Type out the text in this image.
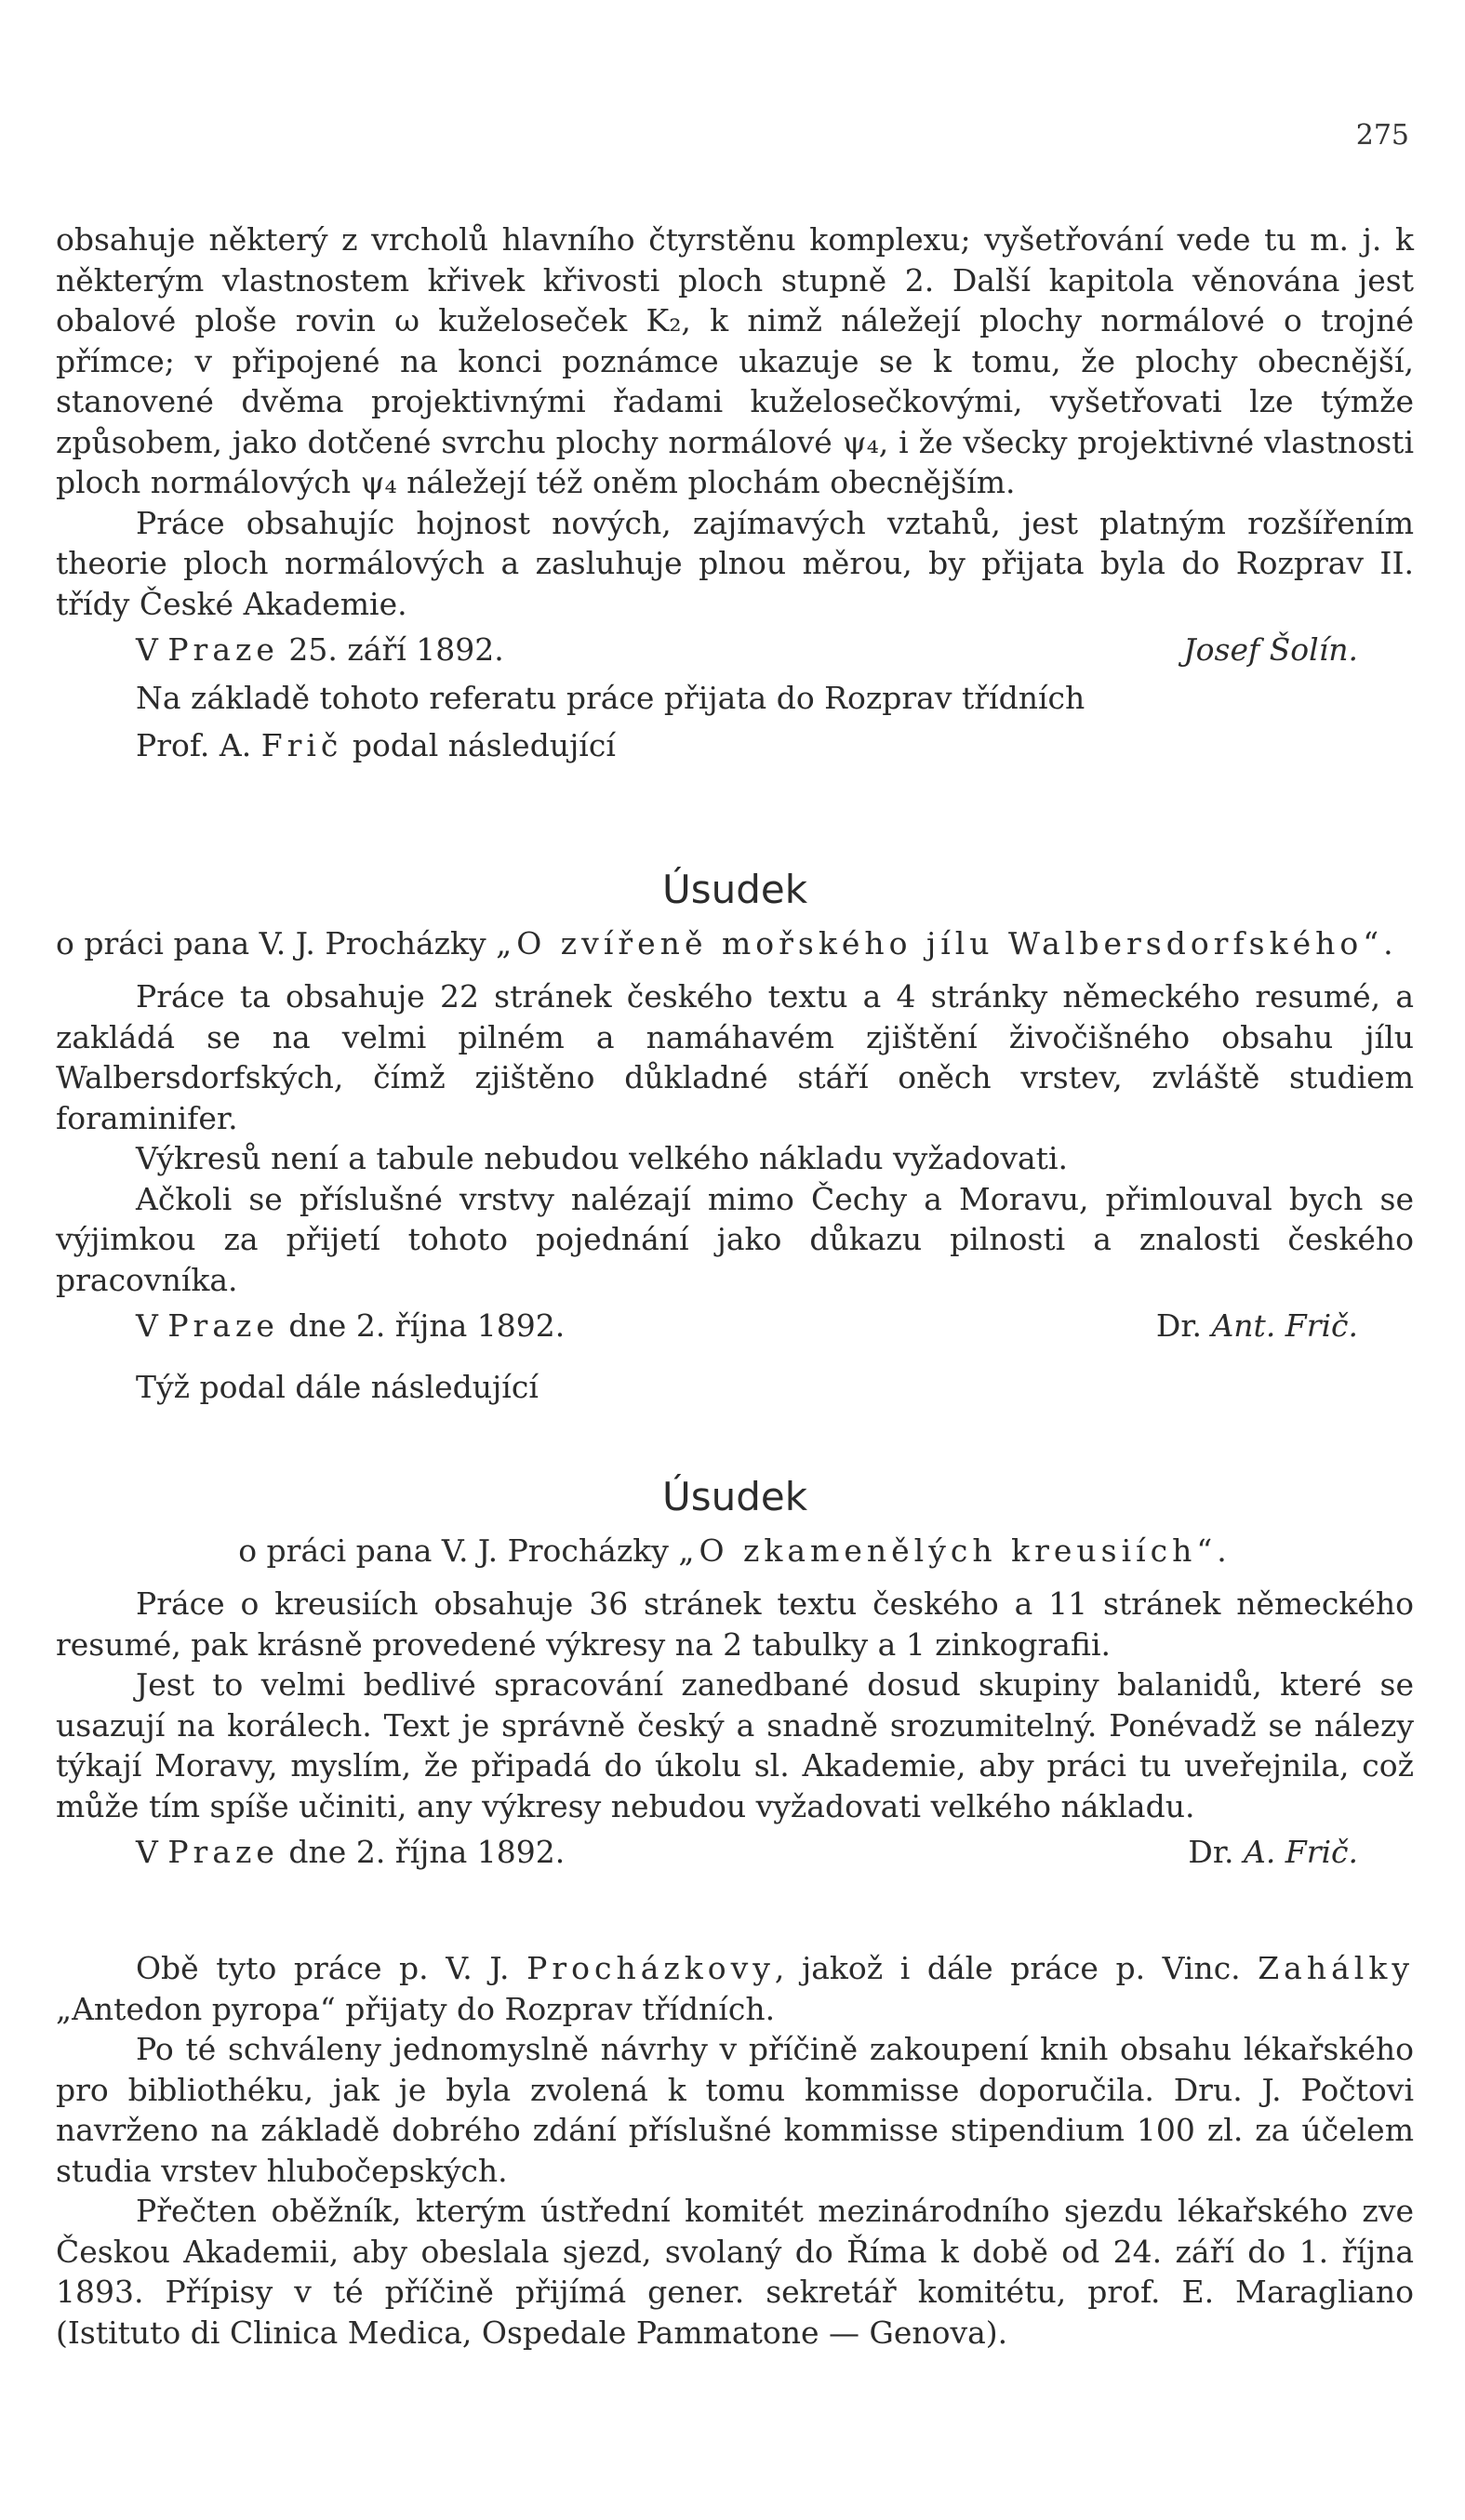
275

obsahuje některý z vrcholů hlavního čtyrstěnu komplexu; vyšetřování vede tu m. j. k některým vlastnostem křivek křivosti ploch stupně 2. Další kapitola věnována jest obalové ploše rovin ω kuželoseček K₂, k nimž náležejí plochy normálové o trojné přímce; v připojené na konci poznámce ukazuje se k tomu, že plochy obecnější, stanovené dvěma projektivnými řadami kuželosečkovými, vyšetřovati lze týmže způsobem, jako dotčené svrchu plochy normálové ψ₄, i že všecky projektivné vlastnosti ploch normálových ψ₄ náležejí též oněm plochám obecnějším.

Práce obsahujíc hojnost nových, zajímavých vztahů, jest platným rozšířením theorie ploch normálových a zasluhuje plnou měrou, by přijata byla do Rozprav II. třídy České Akademie.

V Praze 25. září 1892.	Josef Šolín.

Na základě tohoto referatu práce přijata do Rozprav třídních

Prof. A. Frič podal následující

Úsudek

o práci pana V. J. Procházky „O zvířeně mořského jílu Walbersdorfského“.

Práce ta obsahuje 22 stránek českého textu a 4 stránky německého resumé, a zakládá se na velmi pilném a namáhavém zjištění živočišného obsahu jílu Walbersdorfských, čímž zjištěno důkladné stáří oněch vrstev, zvláště studiem foraminifer.

Výkresů není a tabule nebudou velkého nákladu vyžadovati.

Ačkoli se příslušné vrstvy nalézají mimo Čechy a Moravu, přimlouval bych se výjimkou za přijetí tohoto pojednání jako důkazu pilnosti a znalosti českého pracovníka.

V Praze dne 2. října 1892.	Dr. Ant. Frič.

Týž podal dále následující

Úsudek

o práci pana V. J. Procházky „O zkamenělých kreusiích“.

Práce o kreusiích obsahuje 36 stránek textu českého a 11 stránek německého resumé, pak krásně provedené výkresy na 2 tabulky a 1 zinkografii.

Jest to velmi bedlivé spracování zanedbané dosud skupiny balanidů, které se usazují na korálech. Text je správně český a snadně srozumitelný. Ponévadž se nálezy týkají Moravy, myslím, že připadá do úkolu sl. Akademie, aby práci tu uveřejnila, což může tím spíše učiniti, any výkresy nebudou vyžadovati velkého nákladu.

V Praze dne 2. října 1892.	Dr. A. Frič.

Obě tyto práce p. V. J. Procházkovy, jakož i dále práce p. Vinc. Zahálky „Antedon pyropa“ přijaty do Rozprav třídních.

Po té schváleny jednomyslně návrhy v příčině zakoupení knih obsahu lékařského pro bibliothéku, jak je byla zvolená k tomu kommisse doporučila. Dru. J. Počtovi navrženo na základě dobrého zdání příslušné kommisse stipendium 100 zl. za účelem studia vrstev hlubočepských.

Přečten oběžník, kterým ústřední komitét mezinárodního sjezdu lékařského zve Českou Akademii, aby obeslala sjezd, svolaný do Říma k době od 24. září do 1. října 1893. Přípisy v té příčině přijímá gener. sekretář komitétu, prof. E. Maragliano (Istituto di Clinica Medica, Ospedale Pammatone — Genova).
